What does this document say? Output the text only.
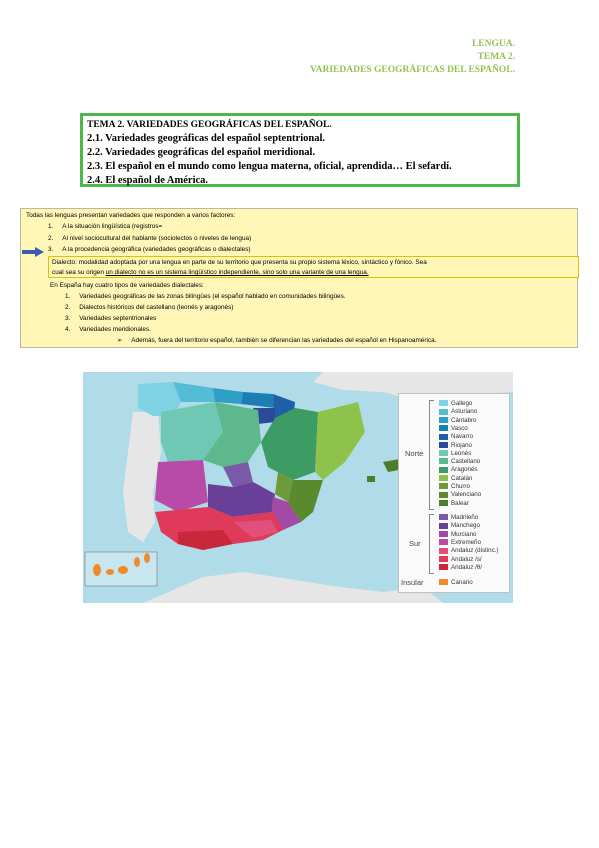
LENGUA.
TEMA 2.
VARIEDADES GEOGRÁFICAS DEL ESPAÑOL.
TEMA 2. VARIEDADES GEOGRÁFICAS DEL ESPAÑOL.
2.1. Variedades geográficas del español septentrional.
2.2. Variedades geográficas del español meridional.
2.3. El español en el mundo como lengua materna, oficial, aprendida… El sefardí.
2.4. El español de América.
Todas las lenguas presentan variedades que responden a varios factores:
1. A la situación lingüística (registros=
2. Al nivel sociocultural del hablante (sociolectos o niveles de lengua)
3. A la procedencia geográfica (variedades geográficas o dialectales)
En España hay cuatro tipos de variedades dialectales:
1. Variedades geográficas de las zonas bilingües (el español hablado en comunidades bilingües.
2. Dialectos históricos del castellano (leonés y aragonés)
3. Variedades septentrionales
4. Variedades meridionales.
➢ Además, fuera del territorio español, también se diferencian las variedades del español en Hispanoamérica.
Dialecto: modalidad adoptada por una lengua en parte de su territorio que presenta su propio sistema léxico, sintáctico y fónico. Sea
cual sea su origen un dialecto no es un sistema lingüístico independiente, sino solo una variante de una lengua.
Norte
Sur
Insular
Gallego
Asturiano
Cántabro
Vasco
Navarro
Riojano
Leonés
Castellano
Aragonés
Catalán
Churro
Valenciano
Balear
Madrileño
Manchego
Murciano
Extremeño
Andaluz (distinc.)
Andaluz /s/
Andaluz /θ/
Canario
